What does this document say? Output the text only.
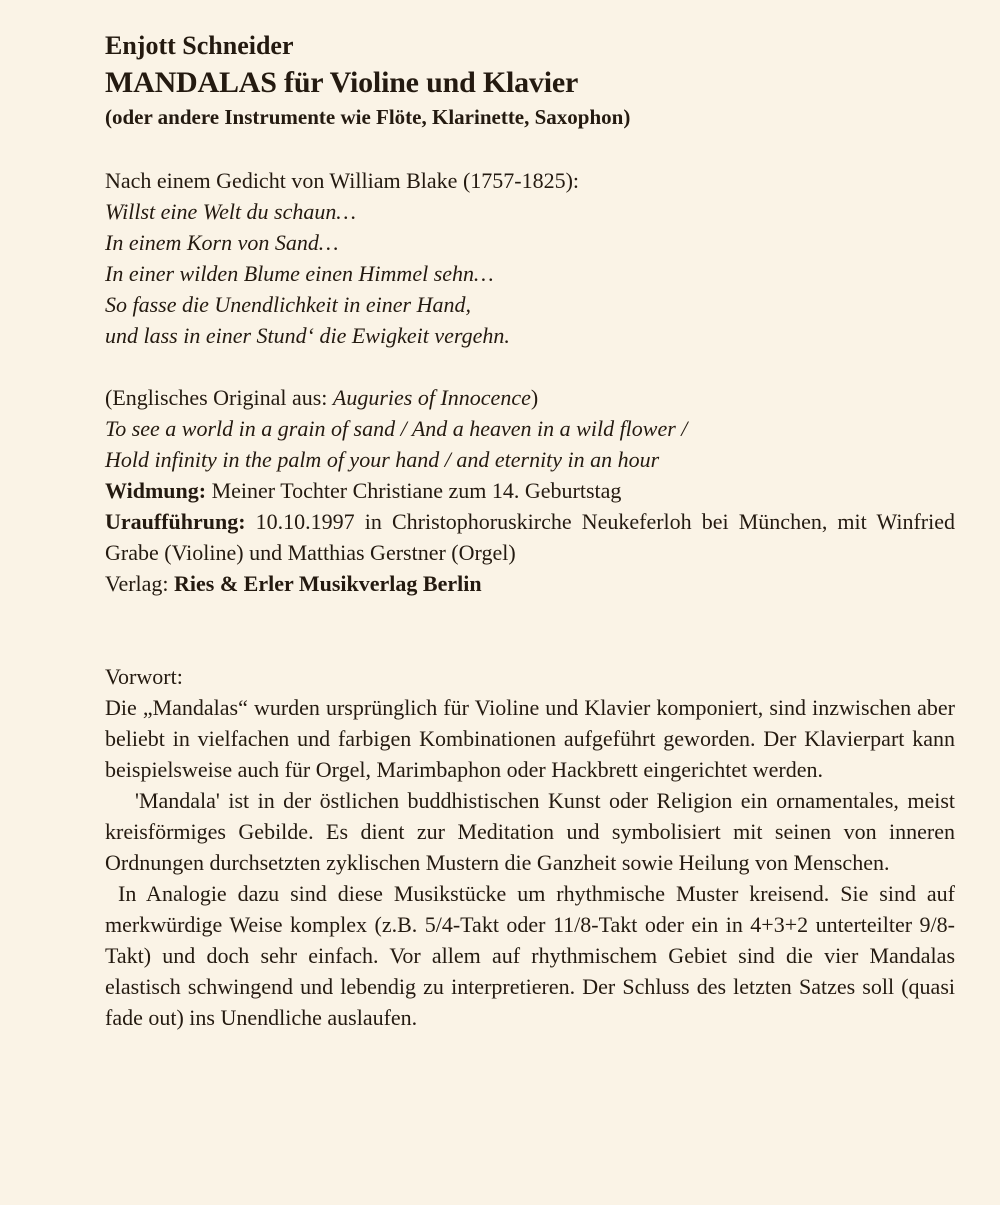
Enjott Schneider
MANDALAS für Violine und Klavier
(oder andere Instrumente wie Flöte, Klarinette, Saxophon)

Nach einem Gedicht von William Blake (1757-1825):

Willst eine Welt du schaun…

In einem Korn von Sand…

In einer wilden Blume einen Himmel sehn…

So fasse die Unendlichkeit in einer Hand,

und lass in einer Stund‘ die Ewigkeit vergehn.

(Englisches Original aus: Auguries of Innocence)

To see a world in a grain of sand / And a heaven in a wild flower /

Hold infinity in the palm of your hand / and eternity in an hour

Widmung: Meiner Tochter Christiane zum 14. Geburtstag

Uraufführung: 10.10.1997 in Christophoruskirche Neukeferloh bei München, mit Winfried Grabe (Violine) und Matthias Gerstner (Orgel)

Verlag: Ries & Erler Musikverlag Berlin

Vorwort:

Die „Mandalas“ wurden ursprünglich für Violine und Klavier komponiert, sind inzwischen aber beliebt in vielfachen und farbigen Kombinationen aufgeführt geworden. Der Klavierpart kann beispielsweise auch für Orgel, Marimbaphon oder Hackbrett eingerichtet werden.

'Mandala' ist in der östlichen buddhistischen Kunst oder Religion ein ornamentales, meist kreisförmiges Gebilde. Es dient zur Meditation und symbolisiert mit seinen von inneren Ordnungen durchsetzten zyklischen Mustern die Ganzheit sowie Heilung von Menschen.

In Analogie dazu sind diese Musikstücke um rhythmische Muster kreisend. Sie sind auf merkwürdige Weise komplex (z.B. 5/4-Takt oder 11/8-Takt oder ein in 4+3+2 unterteilter 9/8-Takt) und doch sehr einfach. Vor allem auf rhythmischem Gebiet sind die vier Mandalas elastisch schwingend und lebendig zu interpretieren. Der Schluss des letzten Satzes soll (quasi fade out) ins Unendliche auslaufen.
